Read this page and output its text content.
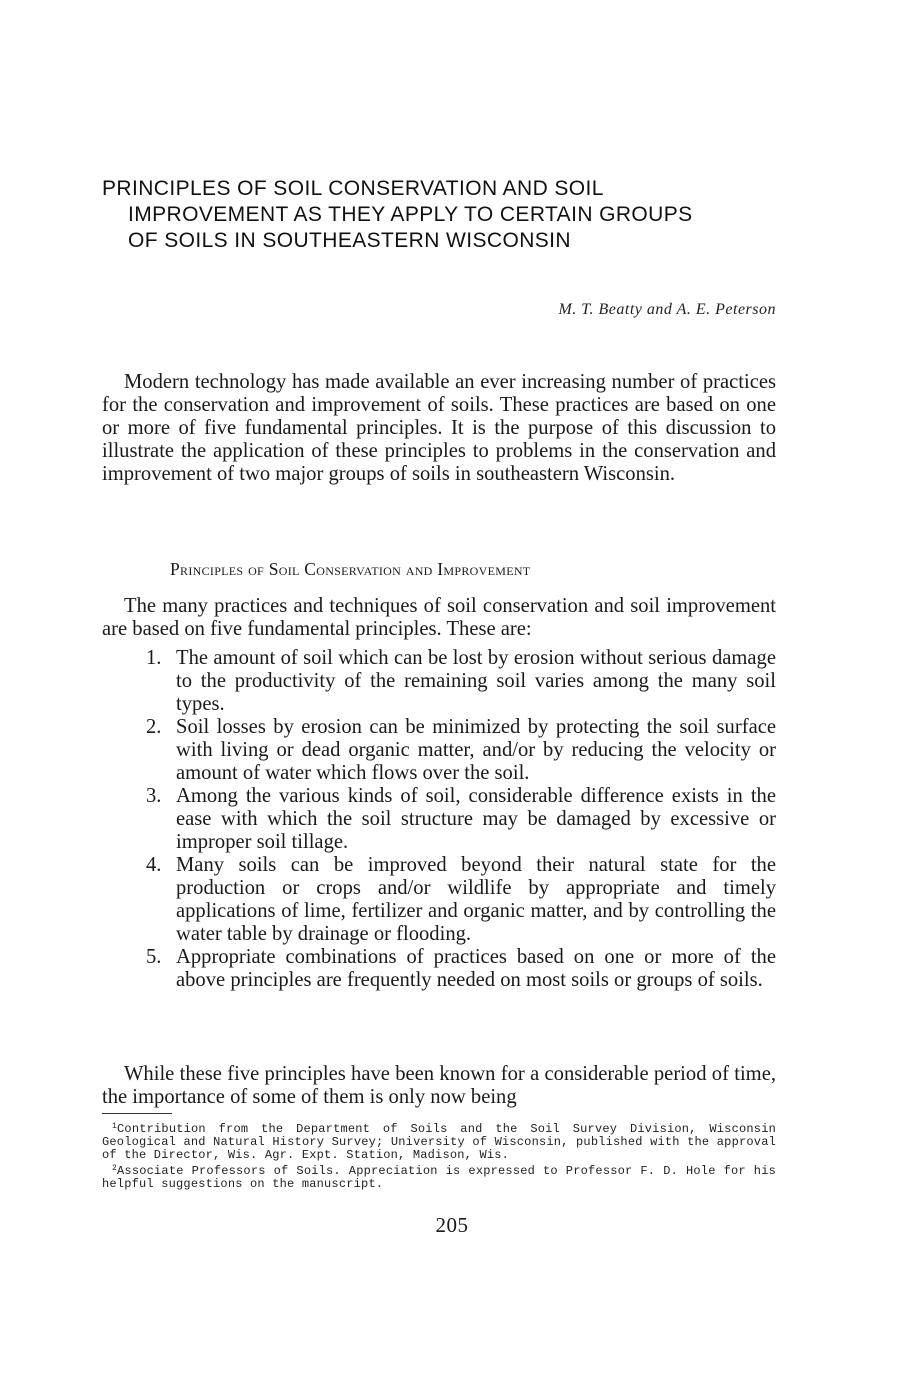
PRINCIPLES OF SOIL CONSERVATION AND SOIL
IMPROVEMENT AS THEY APPLY TO CERTAIN GROUPS
OF SOILS IN SOUTHEASTERN WISCONSIN
M. T. Beatty and A. E. Peterson

Modern technology has made available an ever increasing number of practices for the conservation and improvement of soils. These practices are based on one or more of five fundamental principles. It is the purpose of this discussion to illustrate the application of these principles to problems in the conservation and improvement of two major groups of soils in southeastern Wisconsin.

Principles of Soil Conservation and Improvement

The many practices and techniques of soil conservation and soil improvement are based on five fundamental principles. These are:

1. The amount of soil which can be lost by erosion without serious damage to the productivity of the remaining soil varies among the many soil types.
2. Soil losses by erosion can be minimized by protecting the soil surface with living or dead organic matter, and/or by reducing the velocity or amount of water which flows over the soil.
3. Among the various kinds of soil, considerable difference exists in the ease with which the soil structure may be damaged by excessive or improper soil tillage.
4. Many soils can be improved beyond their natural state for the production or crops and/or wildlife by appropriate and timely applications of lime, fertilizer and organic matter, and by controlling the water table by drainage or flooding.
5. Appropriate combinations of practices based on one or more of the above principles are frequently needed on most soils or groups of soils.

While these five principles have been known for a considerable period of time, the importance of some of them is only now being

$^1$Contribution from the Department of Soils and the Soil Survey Division, Wisconsin Geological and Natural History Survey; University of Wisconsin, published with the approval of the Director, Wis. Agr. Expt. Station, Madison, Wis.

$^2$Associate Professors of Soils. Appreciation is expressed to Professor F. D. Hole for his helpful suggestions on the manuscript.

205
